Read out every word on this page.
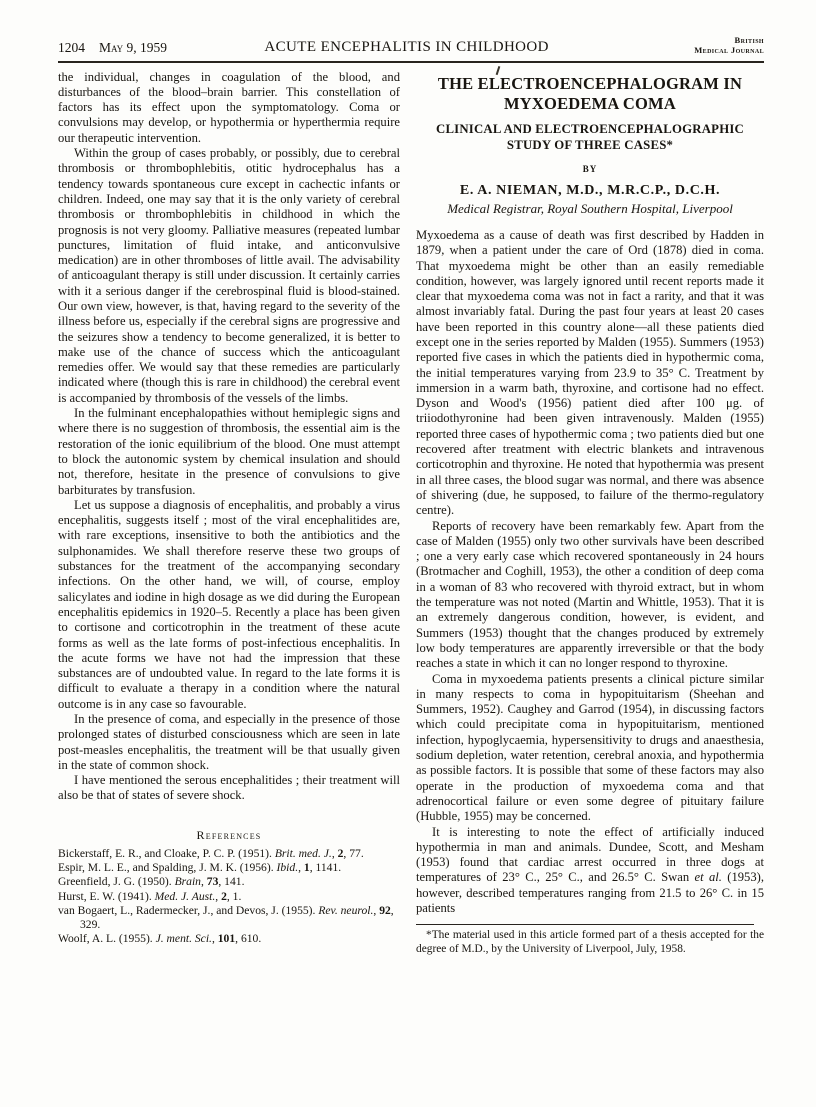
1204 May 9, 1959	ACUTE ENCEPHALITIS IN CHILDHOOD	British
Medical Journal

the individual, changes in coagulation of the blood, and disturbances of the blood–brain barrier. This constellation of factors has its effect upon the symptomatology. Coma or convulsions may develop, or hypothermia or hyperthermia require our therapeutic intervention.

Within the group of cases probably, or possibly, due to cerebral thrombosis or thrombophlebitis, otitic hydrocephalus has a tendency towards spontaneous cure except in cachectic infants or children. Indeed, one may say that it is the only variety of cerebral thrombosis or thrombophlebitis in childhood in which the prognosis is not very gloomy. Palliative measures (repeated lumbar punctures, limitation of fluid intake, and anticonvulsive medication) are in other thromboses of little avail. The advisability of anticoagulant therapy is still under discussion. It certainly carries with it a serious danger if the cerebrospinal fluid is blood-stained. Our own view, however, is that, having regard to the severity of the illness before us, especially if the cerebral signs are progressive and the seizures show a tendency to become generalized, it is better to make use of the chance of success which the anticoagulant remedies offer. We would say that these remedies are particularly indicated where (though this is rare in childhood) the cerebral event is accompanied by thrombosis of the vessels of the limbs.

In the fulminant encephalopathies without hemiplegic signs and where there is no suggestion of thrombosis, the essential aim is the restoration of the ionic equilibrium of the blood. One must attempt to block the autonomic system by chemical insulation and should not, therefore, hesitate in the presence of convulsions to give barbiturates by transfusion.

Let us suppose a diagnosis of encephalitis, and probably a virus encephalitis, suggests itself ; most of the viral encephalitides are, with rare exceptions, insensitive to both the antibiotics and the sulphonamides. We shall therefore reserve these two groups of substances for the treatment of the accompanying secondary infections. On the other hand, we will, of course, employ salicylates and iodine in high dosage as we did during the European encephalitis epidemics in 1920–5. Recently a place has been given to cortisone and corticotrophin in the treatment of these acute forms as well as the late forms of post-infectious encephalitis. In the acute forms we have not had the impression that these substances are of undoubted value. In regard to the late forms it is difficult to evaluate a therapy in a condition where the natural outcome is in any case so favourable.

In the presence of coma, and especially in the presence of those prolonged states of disturbed consciousness which are seen in late post-measles encephalitis, the treatment will be that usually given in the state of common shock.

I have mentioned the serous encephalitides ; their treatment will also be that of states of severe shock.

References

Bickerstaff, E. R., and Cloake, P. C. P. (1951). Brit. med. J., 2, 77.

Espir, M. L. E., and Spalding, J. M. K. (1956). Ibid., 1, 1141.

Greenfield, J. G. (1950). Brain, 73, 141.

Hurst, E. W. (1941). Med. J. Aust., 2, 1.

van Bogaert, L., Radermecker, J., and Devos, J. (1955). Rev. neurol., 92, 329.

Woolf, A. L. (1955). J. ment. Sci., 101, 610.

THE ELECTROENCEPHALOGRAM IN MYXOEDEMA COMA
CLINICAL AND ELECTROENCEPHALOGRAPHIC STUDY OF THREE CASES*
BY
E. A. NIEMAN, M.D., M.R.C.P., D.C.H.
Medical Registrar, Royal Southern Hospital, Liverpool

Myxoedema as a cause of death was first described by Hadden in 1879, when a patient under the care of Ord (1878) died in coma. That myxoedema might be other than an easily remediable condition, however, was largely ignored until recent reports made it clear that myxoedema coma was not in fact a rarity, and that it was almost invariably fatal. During the past four years at least 20 cases have been reported in this country alone—all these patients died except one in the series reported by Malden (1955). Summers (1953) reported five cases in which the patients died in hypothermic coma, the initial temperatures varying from 23.9 to 35° C. Treatment by immersion in a warm bath, thyroxine, and cortisone had no effect. Dyson and Wood's (1956) patient died after 100 μg. of triiodothyronine had been given intravenously. Malden (1955) reported three cases of hypothermic coma ; two patients died but one recovered after treatment with electric blankets and intravenous corticotrophin and thyroxine. He noted that hypothermia was present in all three cases, the blood sugar was normal, and there was absence of shivering (due, he supposed, to failure of the thermo-regulatory centre).

Reports of recovery have been remarkably few. Apart from the case of Malden (1955) only two other survivals have been described ; one a very early case which recovered spontaneously in 24 hours (Brotmacher and Coghill, 1953), the other a condition of deep coma in a woman of 83 who recovered with thyroid extract, but in whom the temperature was not noted (Martin and Whittle, 1953). That it is an extremely dangerous condition, however, is evident, and Summers (1953) thought that the changes produced by extremely low body temperatures are apparently irreversible or that the body reaches a state in which it can no longer respond to thyroxine.

Coma in myxoedema patients presents a clinical picture similar in many respects to coma in hypopituitarism (Sheehan and Summers, 1952). Caughey and Garrod (1954), in discussing factors which could precipitate coma in hypopituitarism, mentioned infection, hypoglycaemia, hypersensitivity to drugs and anaesthesia, sodium depletion, water retention, cerebral anoxia, and hypothermia as possible factors. It is possible that some of these factors may also operate in the production of myxoedema coma and that adrenocortical failure or even some degree of pituitary failure (Hubble, 1955) may be concerned.

It is interesting to note the effect of artificially induced hypothermia in man and animals. Dundee, Scott, and Mesham (1953) found that cardiac arrest occurred in three dogs at temperatures of 23° C., 25° C., and 26.5° C. Swan et al. (1953), however, described temperatures ranging from 21.5 to 26° C. in 15 patients

*The material used in this article formed part of a thesis accepted for the degree of M.D., by the University of Liverpool, July, 1958.
